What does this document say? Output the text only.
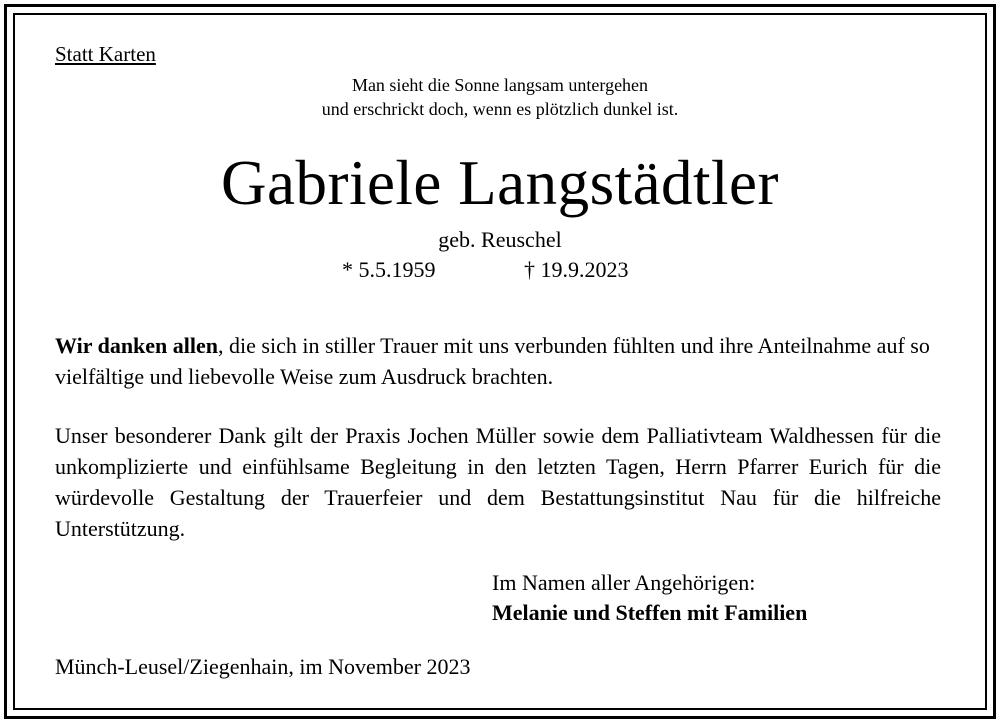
Statt Karten
Man sieht die Sonne langsam untergehen
und erschrickt doch, wenn es plötzlich dunkel ist.
Gabriele Langstädtler
geb. Reuschel
* 5.5.1959	† 19.9.2023
Wir danken allen, die sich in stiller Trauer mit uns verbunden fühlten und ihre Anteilnahme auf so vielfältige und liebevolle Weise zum Ausdruck brachten.
Unser besonderer Dank gilt der Praxis Jochen Müller sowie dem Palliativteam Waldhessen für die unkomplizierte und einfühlsame Begleitung in den letzten Tagen, Herrn Pfarrer Eurich für die würdevolle Gestaltung der Trauerfeier und dem Bestattungsinstitut Nau für die hilfreiche Unterstützung.
Im Namen aller Angehörigen:
Melanie und Steffen mit Familien
Münch-Leusel/Ziegenhain, im November 2023
